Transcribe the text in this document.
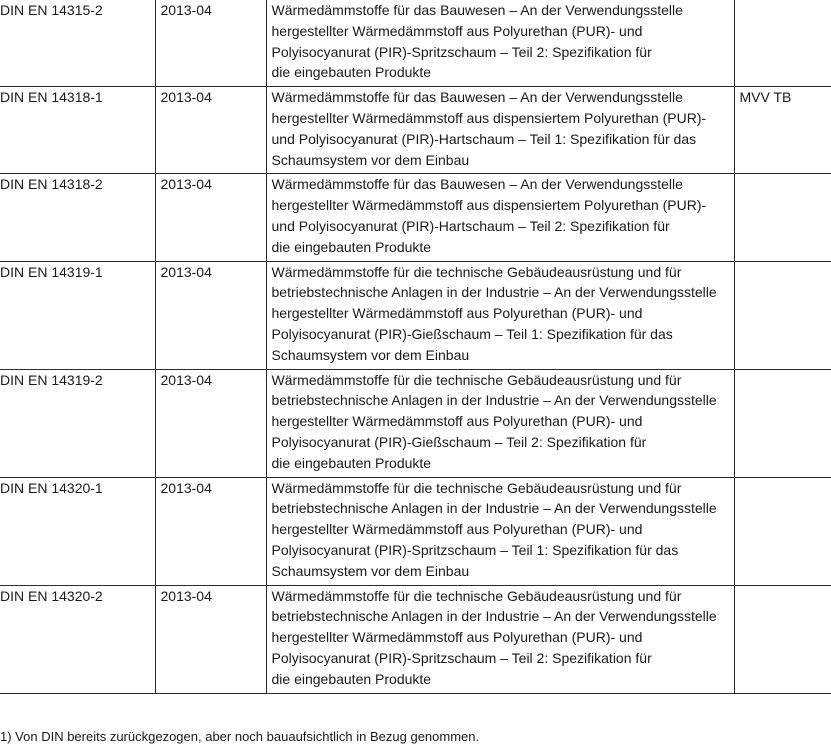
DIN EN 14315-2	2013-04	Wärmedämmstoffe für das Bauwesen – An der Verwendungsstelle
hergestellter Wärmedämmstoff aus Polyurethan (PUR)- und
Polyisocyanurat (PIR)-Spritzschaum – Teil 2: Spezifikation für
die eingebauten Produkte	

DIN EN 14318-1	2013-04	Wärmedämmstoffe für das Bauwesen – An der Verwendungsstelle
hergestellter Wärmedämmstoff aus dispensiertem Polyurethan (PUR)-
und Polyisocyanurat (PIR)-Hartschaum – Teil 1: Spezifikation für das
Schaumsystem vor dem Einbau	MVV TB
DIN EN 14318-2	2013-04	Wärmedämmstoffe für das Bauwesen – An der Verwendungsstelle
hergestellter Wärmedämmstoff aus dispensiertem Polyurethan (PUR)-
und Polyisocyanurat (PIR)-Hartschaum – Teil 2: Spezifikation für
die eingebauten Produkte	

DIN EN 14319-1	2013-04	Wärmedämmstoffe für die technische Gebäudeausrüstung und für
betriebstechnische Anlagen in der Industrie – An der Verwendungsstelle
hergestellter Wärmedämmstoff aus Polyurethan (PUR)- und
Polyisocyanurat (PIR)-Gießschaum – Teil 1: Spezifikation für das
Schaumsystem vor dem Einbau	

DIN EN 14319-2	2013-04	Wärmedämmstoffe für die technische Gebäudeausrüstung und für
betriebstechnische Anlagen in der Industrie – An der Verwendungsstelle
hergestellter Wärmedämmstoff aus Polyurethan (PUR)- und
Polyisocyanurat (PIR)-Gießschaum – Teil 2: Spezifikation für
die eingebauten Produkte	

DIN EN 14320-1	2013-04	Wärmedämmstoffe für die technische Gebäudeausrüstung und für
betriebstechnische Anlagen in der Industrie – An der Verwendungsstelle
hergestellter Wärmedämmstoff aus Polyurethan (PUR)- und
Polyisocyanurat (PIR)-Spritzschaum – Teil 1: Spezifikation für das
Schaumsystem vor dem Einbau	

DIN EN 14320-2	2013-04	Wärmedämmstoffe für die technische Gebäudeausrüstung und für
betriebstechnische Anlagen in der Industrie – An der Verwendungsstelle
hergestellter Wärmedämmstoff aus Polyurethan (PUR)- und
Polyisocyanurat (PIR)-Spritzschaum – Teil 2: Spezifikation für
die eingebauten Produkte	

1) Von DIN bereits zurückgezogen, aber noch bauaufsichtlich in Bezug genommen.
